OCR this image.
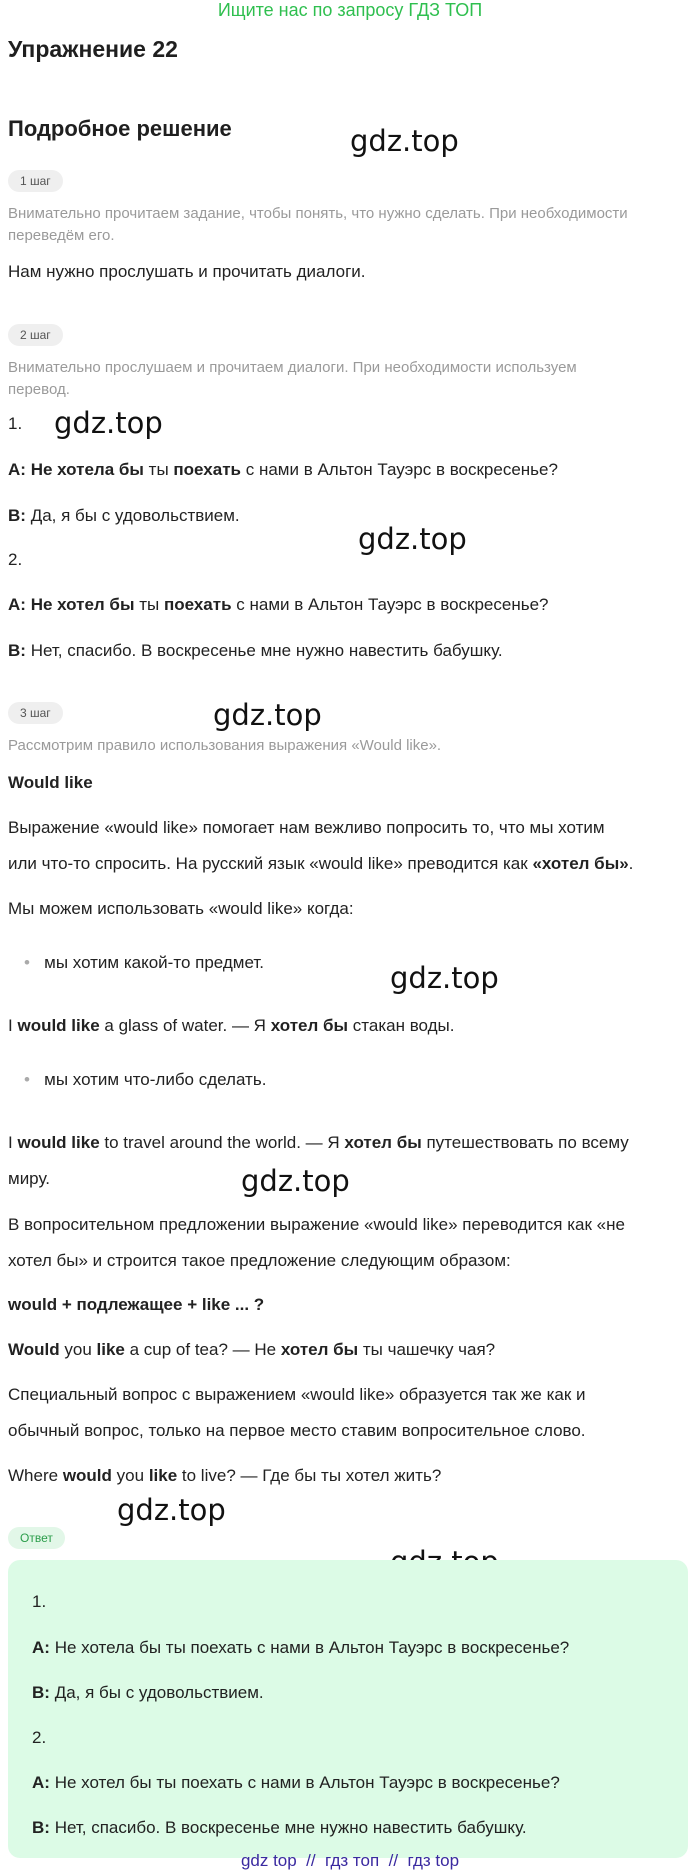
Ищите нас по запросу ГДЗ ТОП
Упражнение 22
Подробное решение	gdz.top
gdz.top
gdz.top
gdz.top
gdz.top
gdz.top
gdz.top
1 шаг
Внимательно прочитаем задание, чтобы понять, что нужно сделать. При необходимости
переведём его.
Нам нужно прослушать и прочитать диалоги.
2 шаг
Внимательно прослушаем и прочитаем диалоги. При необходимости используем
перевод.
1.
A: Не хотела бы ты поехать с нами в Альтон Тауэрс в воскресенье?
B: Да, я бы с удовольствием.
2.
A: Не хотел бы ты поехать с нами в Альтон Тауэрс в воскресенье?
B: Нет, спасибо. В воскресенье мне нужно навестить бабушку.
3 шаг
Рассмотрим правило использования выражения «Would like».
Would like
Выражение «would like» помогает нам вежливо попросить то, что мы хотим
или что-то спросить. На русский язык «would like» преводится как «хотел бы».
Мы можем использовать «would like» когда:
• мы хотим какой-то предмет.
I would like a glass of water. — Я хотел бы стакан воды.
• мы хотим что-либо сделать.
I would like to travel around the world. — Я хотел бы путешествовать по всему
миру.
В вопросительном предложении выражение «would like» переводится как «не
хотел бы» и строится такое предложение следующим образом:
would + подлежащее + like ... ?
Would you like a cup of tea? — Не хотел бы ты чашечку чая?
Специальный вопрос с выражением «would like» образуется так же как и
обычный вопрос, только на первое место ставим вопросительное слово.
Where would you like to live? — Где бы ты хотел жить?
Ответ
1.
A: Не хотела бы ты поехать с нами в Альтон Тауэрс в воскресенье?
B: Да, я бы с удовольствием.
2.
A: Не хотел бы ты поехать с нами в Альтон Тауэрс в воскресенье?
B: Нет, спасибо. В воскресенье мне нужно навестить бабушку.
gdz top  //  гдз топ  //  гдз top
